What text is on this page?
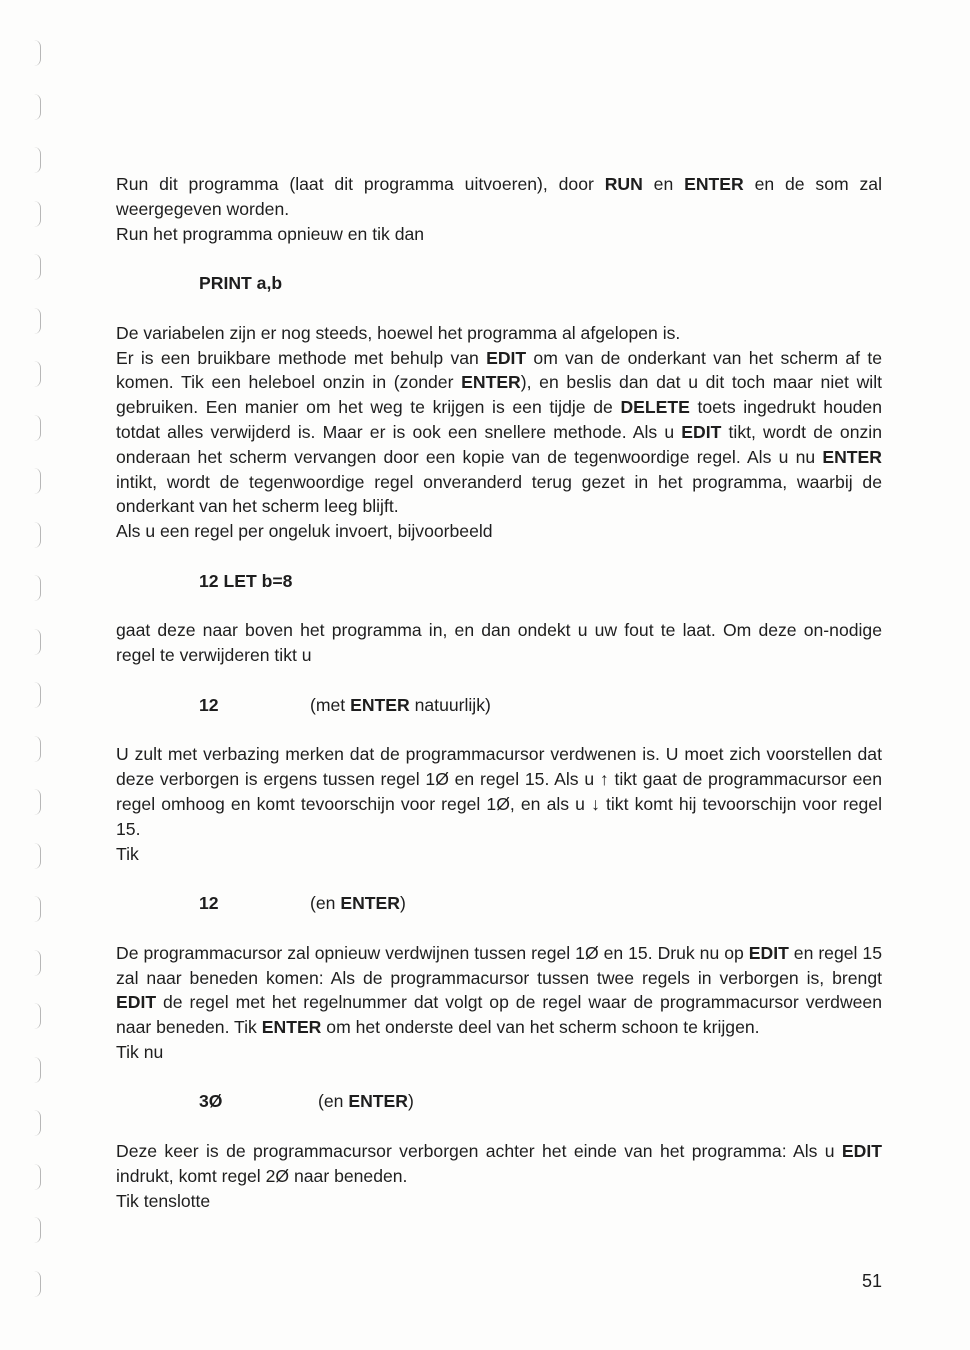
Run dit programma (laat dit programma uitvoeren), door RUN en ENTER en de som zal weergegeven worden.

Run het programma opnieuw en tik dan

PRINT a,b

De variabelen zijn er nog steeds, hoewel het programma al afgelopen is.

Er is een bruikbare methode met behulp van EDIT om van de onderkant van het scherm af te komen. Tik een heleboel onzin in (zonder ENTER), en beslis dan dat u dit toch maar niet wilt gebruiken. Een manier om het weg te krijgen is een tijdje de DELETE toets ingedrukt houden totdat alles verwijderd is. Maar er is ook een snellere methode. Als u EDIT tikt, wordt de onzin onderaan het scherm vervangen door een kopie van de tegenwoordige regel. Als u nu ENTER intikt, wordt de tegenwoordige regel onveranderd terug gezet in het programma, waarbij de onderkant van het scherm leeg blijft.

Als u een regel per ongeluk invoert, bijvoorbeeld

12 LET b=8

gaat deze naar boven het programma in, en dan ondekt u uw fout te laat. Om deze on-nodige regel te verwijderen tikt u

12	(met ENTER natuurlijk)

U zult met verbazing merken dat de programmacursor verdwenen is. U moet zich voorstellen dat deze verborgen is ergens tussen regel 1Ø en regel 15. Als u ↑ tikt gaat de programmacursor een regel omhoog en komt tevoorschijn voor regel 1Ø, en als u ↓ tikt komt hij tevoorschijn voor regel 15.

Tik

12	(en ENTER)

De programmacursor zal opnieuw verdwijnen tussen regel 1Ø en 15. Druk nu op EDIT en regel 15 zal naar beneden komen: Als de programmacursor tussen twee regels in verborgen is, brengt EDIT de regel met het regelnummer dat volgt op de regel waar de programmacursor verdween naar beneden. Tik ENTER om het onderste deel van het scherm schoon te krijgen.

Tik nu

3Ø	(en ENTER)

Deze keer is de programmacursor verborgen achter het einde van het programma: Als u EDIT indrukt, komt regel 2Ø naar beneden.

Tik tenslotte

51
